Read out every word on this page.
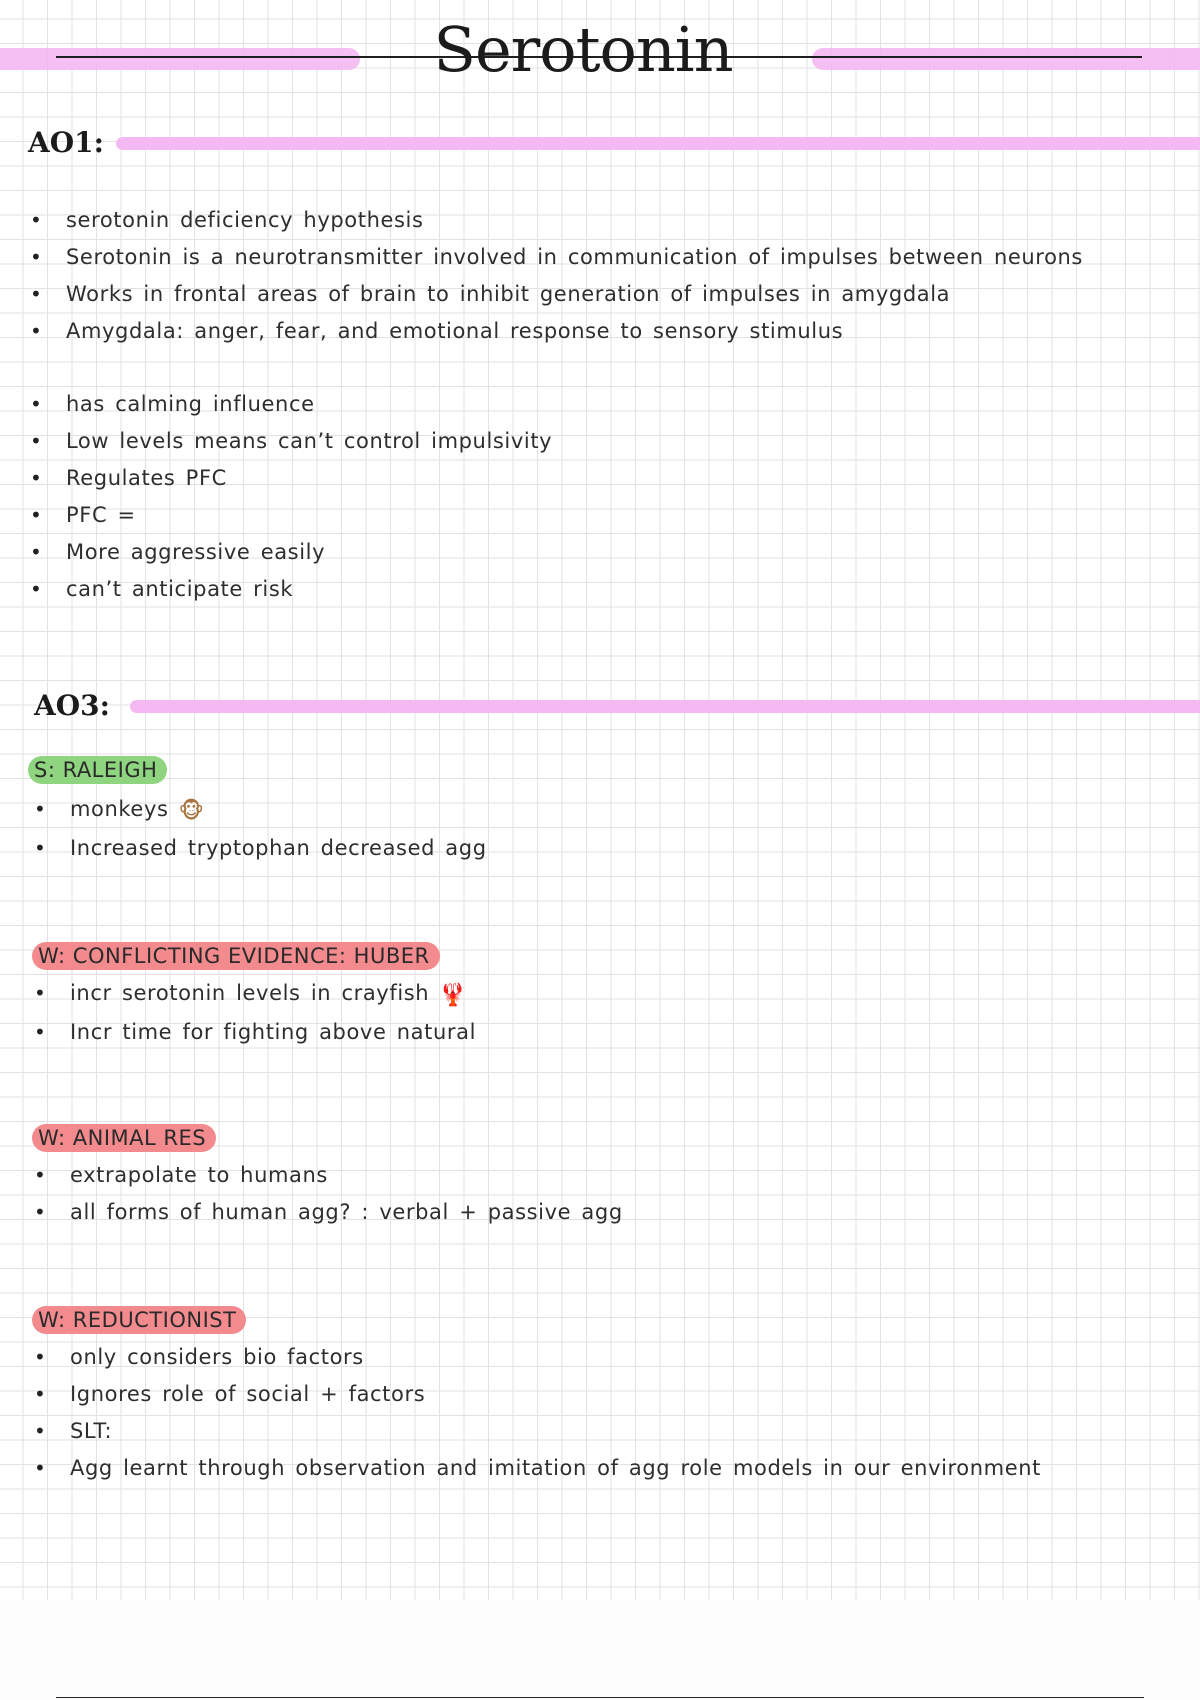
Serotonin
AO1:
• serotonin deficiency hypothesis
• Serotonin is a neurotransmitter involved in communication of impulses between neurons
• Works in frontal areas of brain to inhibit generation of impulses in amygdala
• Amygdala: anger, fear, and emotional response to sensory stimulus
• has calming influence
• Low levels means can’t control impulsivity
• Regulates PFC
• PFC =
• More aggressive easily
• can’t anticipate risk
AO3:
S: RALEIGH
• monkeys 🐵
• Increased tryptophan decreased agg
W: CONFLICTING EVIDENCE: HUBER
• incr serotonin levels in crayfish 🦞
• Incr time for fighting above natural
W: ANIMAL RES
• extrapolate to humans
• all forms of human agg? : verbal + passive agg
W: REDUCTIONIST
• only considers bio factors
• Ignores role of social + factors
• SLT:
• Agg learnt through observation and imitation of agg role models in our environment
